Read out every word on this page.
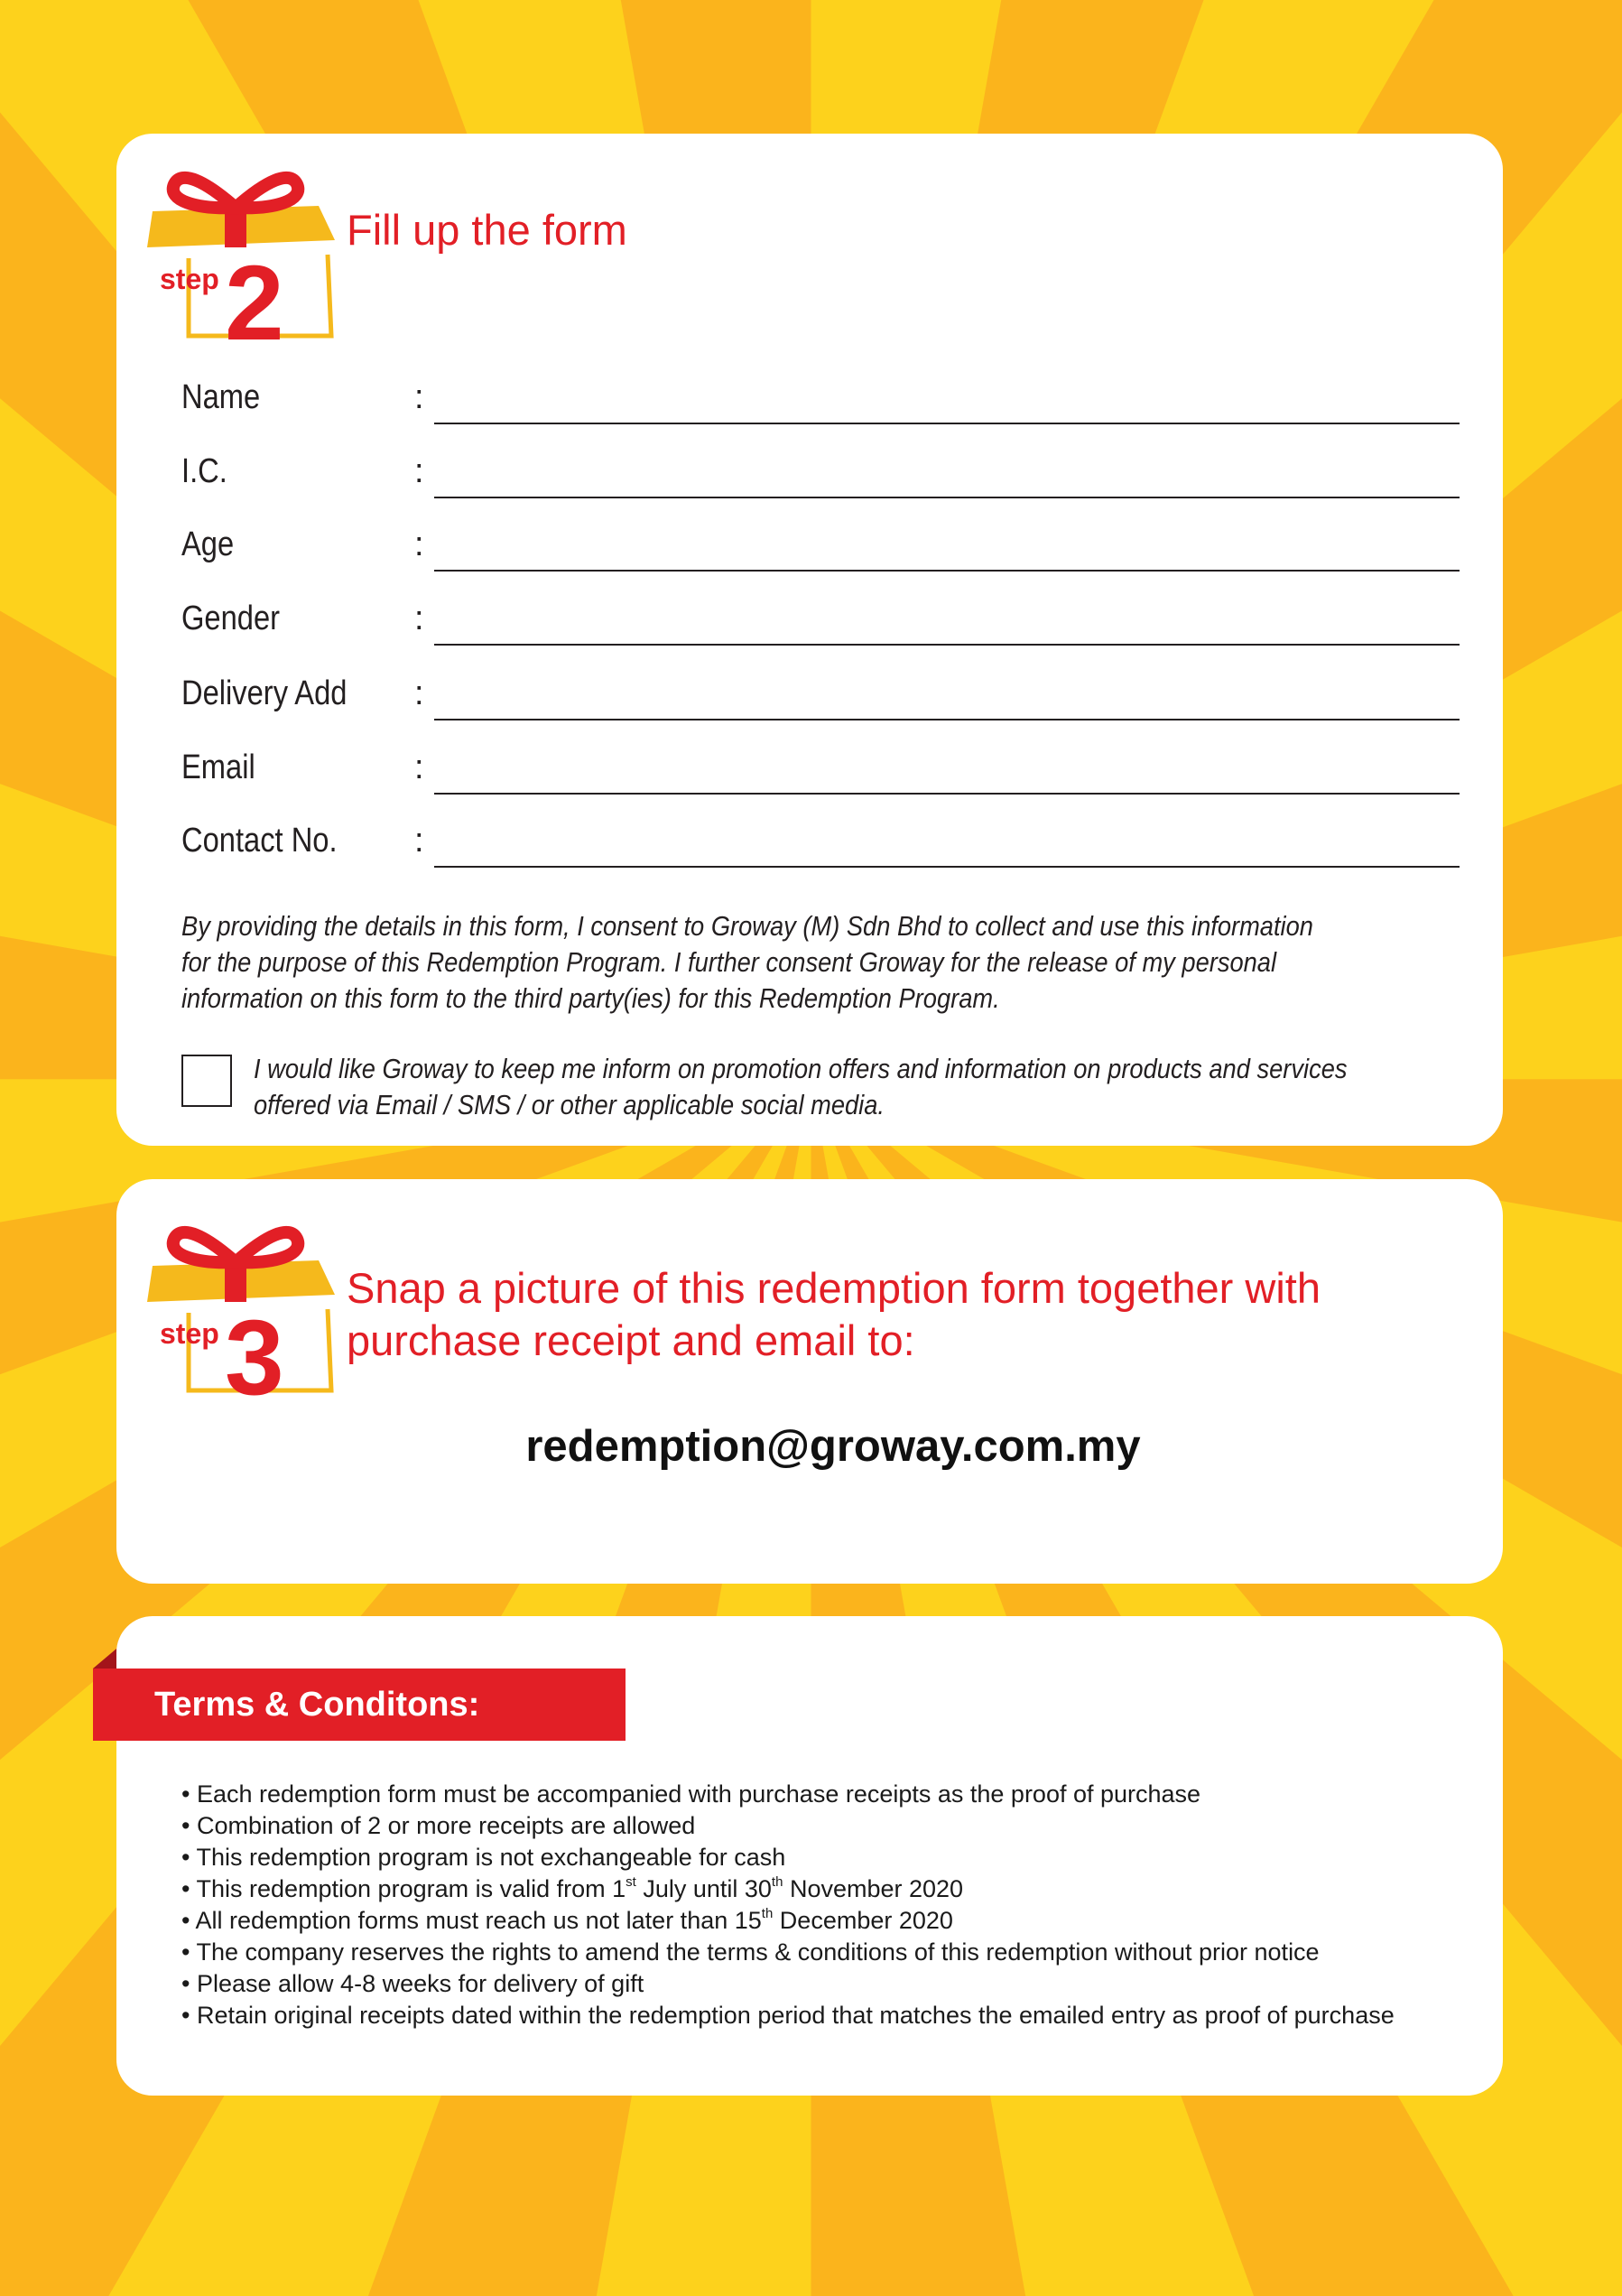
step 2
Fill up the form
Name	:
I.C.	:
Age	:
Gender	:
Delivery Add :
Email	:
Contact No. :

By providing the details in this form, I consent to Groway (M) Sdn Bhd to collect and use this information for the purpose of this Redemption Program. I further consent Groway for the release of my personal information on this form to the third party(ies) for this Redemption Program.

I would like Groway to keep me inform on promotion offers and information on products and services offered via Email / SMS / or other applicable social media.

step 3
Snap a picture of this redemption form together with
purchase receipt and email to:
redemption@groway.com.my
Terms & Conditons:
• Each redemption form must be accompanied with purchase receipts as the proof of purchase
• Combination of 2 or more receipts are allowed
• This redemption program is not exchangeable for cash
• This redemption program is valid from 1st July until 30th November 2020
• All redemption forms must reach us not later than 15th December 2020
• The company reserves the rights to amend the terms & conditions of this redemption without prior notice
• Please allow 4-8 weeks for delivery of gift
• Retain original receipts dated within the redemption period that matches the emailed entry as proof of purchase
